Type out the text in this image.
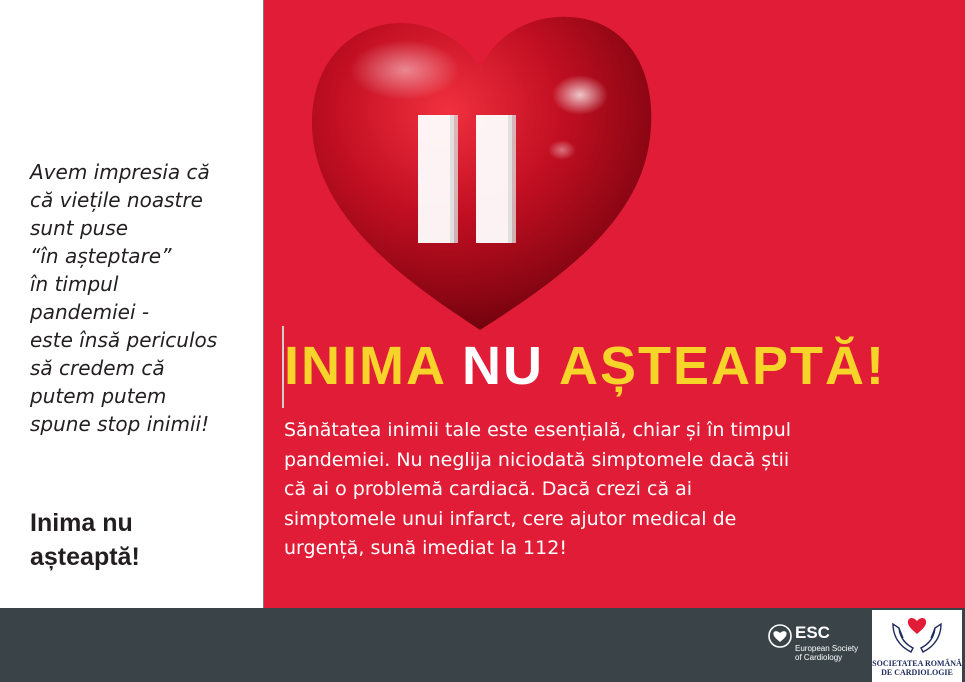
Avem impresia că
că viețile noastre
sunt puse
“în așteptare”
în timpul
pandemiei -
este însă periculos
să credem că
putem putem
spune stop inimii!
Inima nu
așteaptă!
INIMA NU AȘTEAPTĂ!
Sănătatea inimii tale este esențială, chiar și în timpul
pandemiei. Nu neglija niciodată simptomele dacă știi
că ai o problemă cardiacă. Dacă crezi că ai
simptomele unui infarct, cere ajutor medical de
urgență, sună imediat la 112!
ESC
European Society
of Cardiology
SOCIETATEA ROMÂNĂ
DE CARDIOLOGIE
